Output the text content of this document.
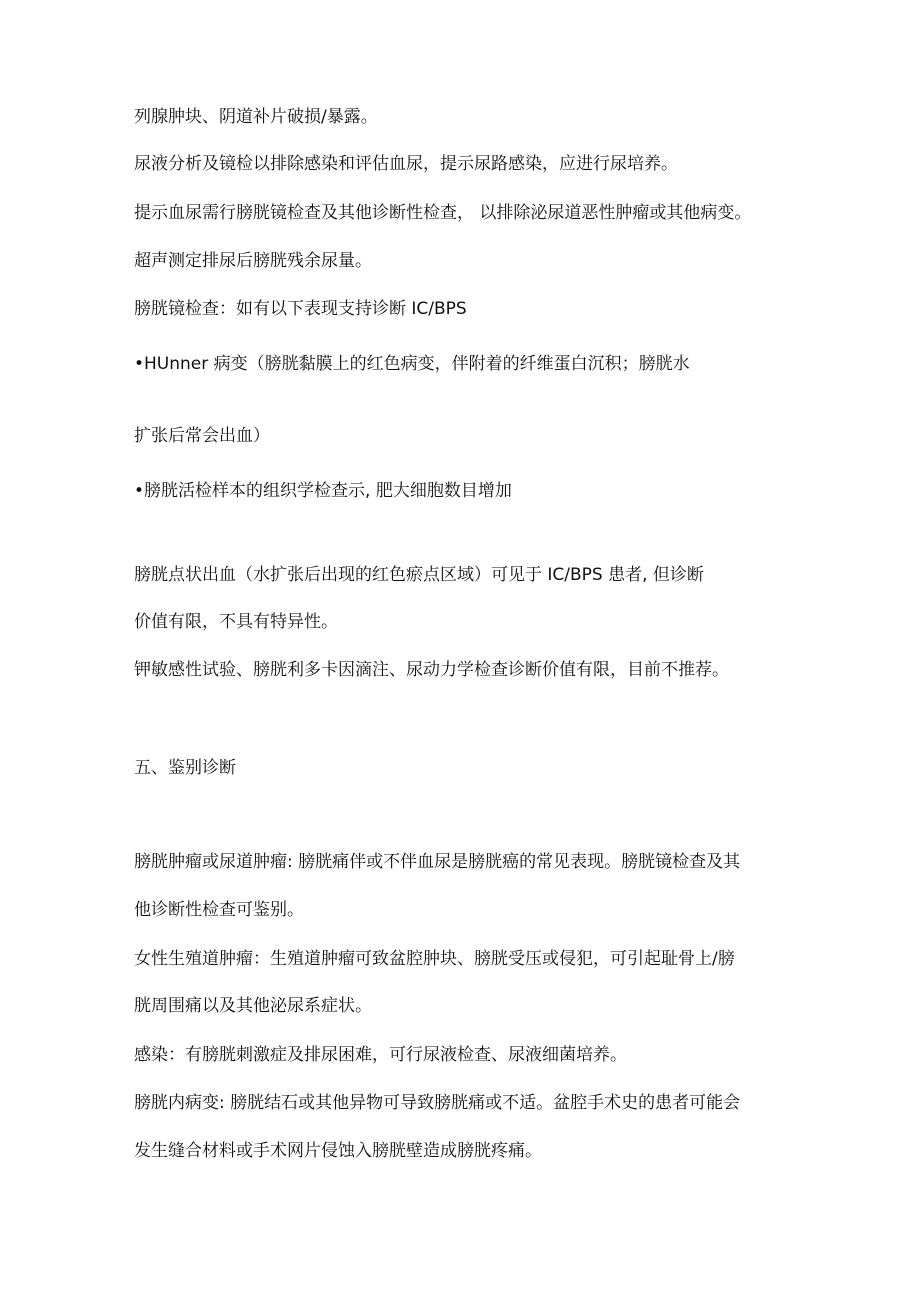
列腺肿块、阴道补片破损/暴露。
尿液分析及镜检以排除感染和评估血尿，提示尿路感染，应进行尿培养。
提示血尿需行膀胱镜检查及其他诊断性检查， 以排除泌尿道恶性肿瘤或其他病变。
超声测定排尿后膀胱残余尿量。
膀胱镜检查：如有以下表现支持诊断 IC/BPS
•HUnner 病变（膀胱黏膜上的红色病变，伴附着的纤维蛋白沉积；膀胱水
扩张后常会出血）
•膀胱活检样本的组织学检查示, 肥大细胞数目增加
膀胱点状出血（水扩张后出现的红色瘀点区域）可见于 IC/BPS 患者, 但诊断
价值有限，不具有特异性。
钾敏感性试验、膀胱利多卡因滴注、尿动力学检查诊断价值有限，目前不推荐。
五、鉴别诊断
膀胱肿瘤或尿道肿瘤: 膀胱痛伴或不伴血尿是膀胱癌的常见表现。膀胱镜检查及其
他诊断性检查可鉴别。
女性生殖道肿瘤：生殖道肿瘤可致盆腔肿块、膀胱受压或侵犯，可引起耻骨上/膀
胱周围痛以及其他泌尿系症状。
感染：有膀胱刺激症及排尿困难，可行尿液检查、尿液细菌培养。
膀胱内病变: 膀胱结石或其他异物可导致膀胱痛或不适。盆腔手术史的患者可能会
发生缝合材料或手术网片侵蚀入膀胱壁造成膀胱疼痛。
